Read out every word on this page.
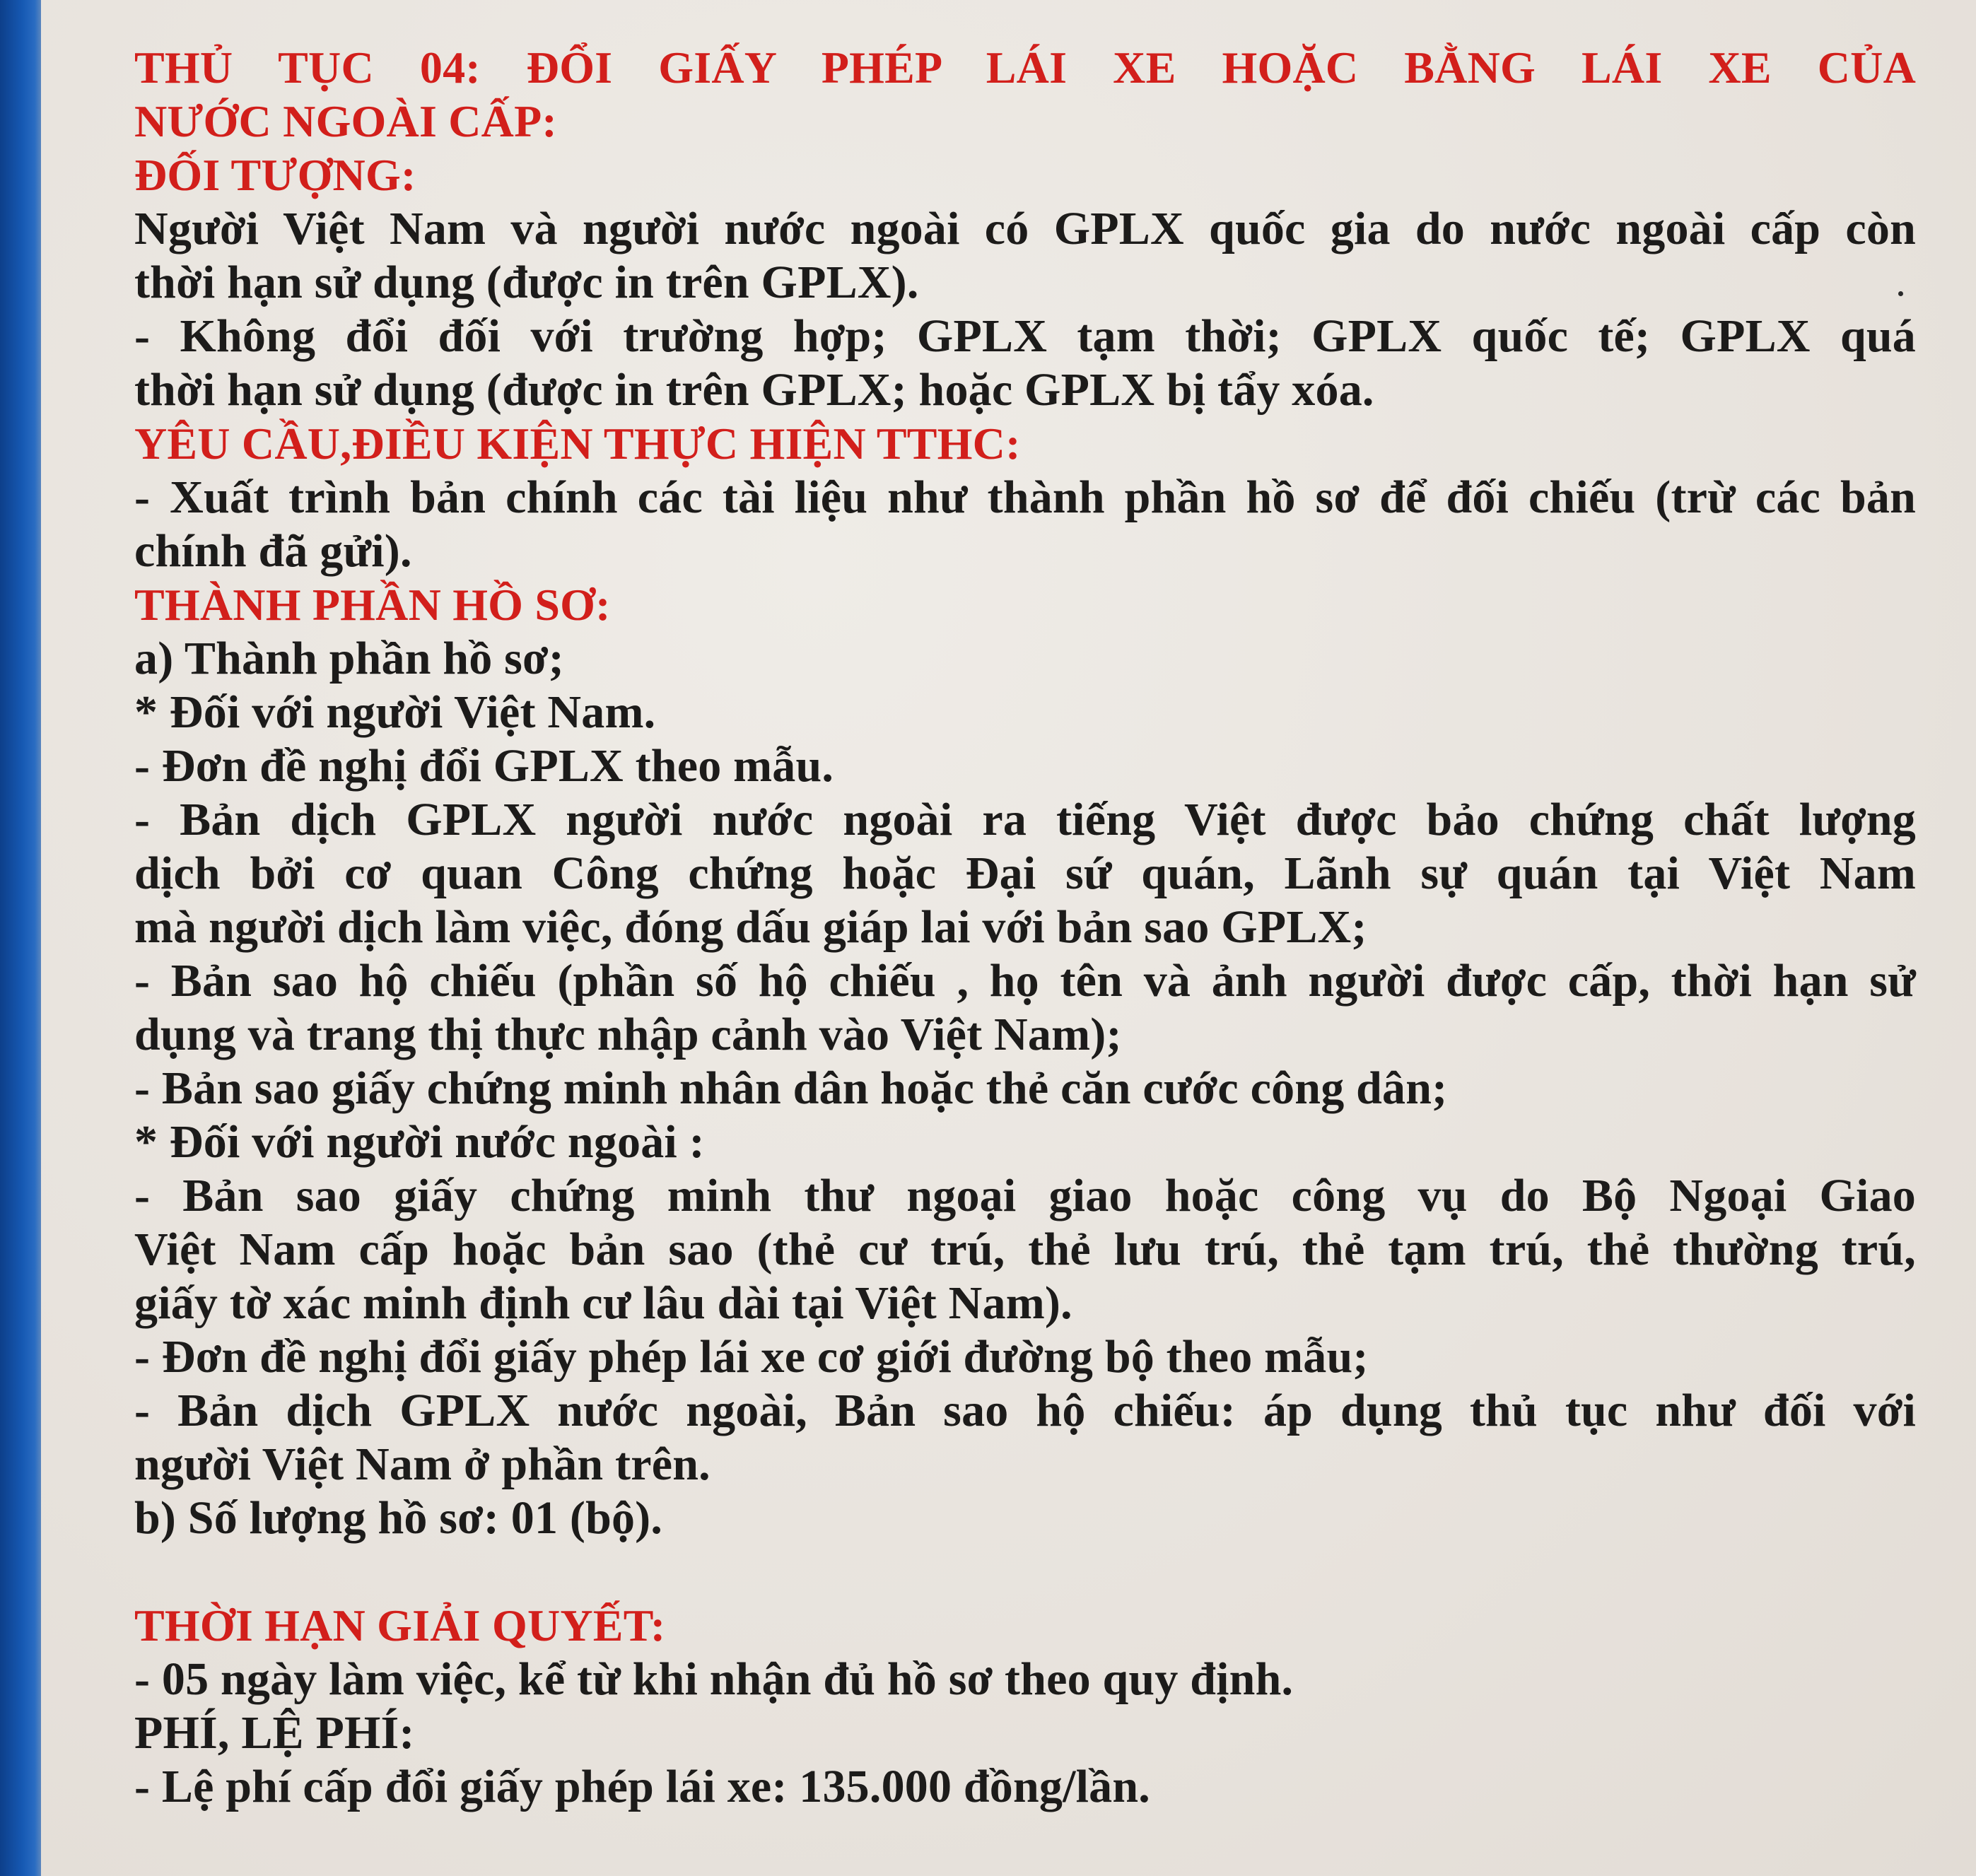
THỦ TỤC 04: ĐỔI GIẤY PHÉP LÁI XE HOẶC BẰNG LÁI XE CỦA
NƯỚC NGOÀI CẤP:
ĐỐI TƯỢNG:
Người Việt Nam và người nước ngoài có GPLX quốc gia do nước ngoài cấp còn
thời hạn sử dụng (được in trên GPLX).
- Không đổi đối với trường hợp; GPLX tạm thời; GPLX quốc tế; GPLX quá
thời hạn sử dụng (được in trên GPLX; hoặc GPLX bị tẩy xóa.
YÊU CẦU,ĐIỀU KIỆN THỰC HIỆN TTHC:
- Xuất trình bản chính các tài liệu như thành phần hồ sơ để đối chiếu (trừ các bản
chính đã gửi).
THÀNH PHẦN HỒ SƠ:
a) Thành phần hồ sơ;
* Đối với người Việt Nam.
- Đơn đề nghị đổi GPLX theo mẫu.
- Bản dịch GPLX người nước ngoài ra tiếng Việt được bảo chứng chất lượng
dịch bởi cơ quan Công chứng hoặc Đại sứ quán, Lãnh sự quán tại Việt Nam
mà người dịch làm việc, đóng dấu giáp lai với bản sao GPLX;
- Bản sao hộ chiếu (phần số hộ chiếu , họ tên và ảnh người được cấp, thời hạn sử
dụng và trang thị thực nhập cảnh vào Việt Nam);
- Bản sao giấy chứng minh nhân dân hoặc thẻ căn cước công dân;
* Đối với người nước ngoài :
- Bản sao giấy chứng minh thư ngoại giao hoặc công vụ do Bộ Ngoại Giao
Việt Nam cấp hoặc bản sao (thẻ cư trú, thẻ lưu trú, thẻ tạm trú, thẻ thường trú,
giấy tờ xác minh định cư lâu dài tại Việt Nam).
- Đơn đề nghị đổi giấy phép lái xe cơ giới đường bộ theo mẫu;
- Bản dịch GPLX nước ngoài, Bản sao hộ chiếu: áp dụng thủ tục như đối với
người Việt Nam ở phần trên.
b) Số lượng hồ sơ: 01 (bộ).
THỜI HẠN GIẢI QUYẾT:
- 05 ngày làm việc, kể từ khi nhận đủ hồ sơ theo quy định.
PHÍ, LỆ PHÍ:
- Lệ phí cấp đổi giấy phép lái xe: 135.000 đồng/lần.
